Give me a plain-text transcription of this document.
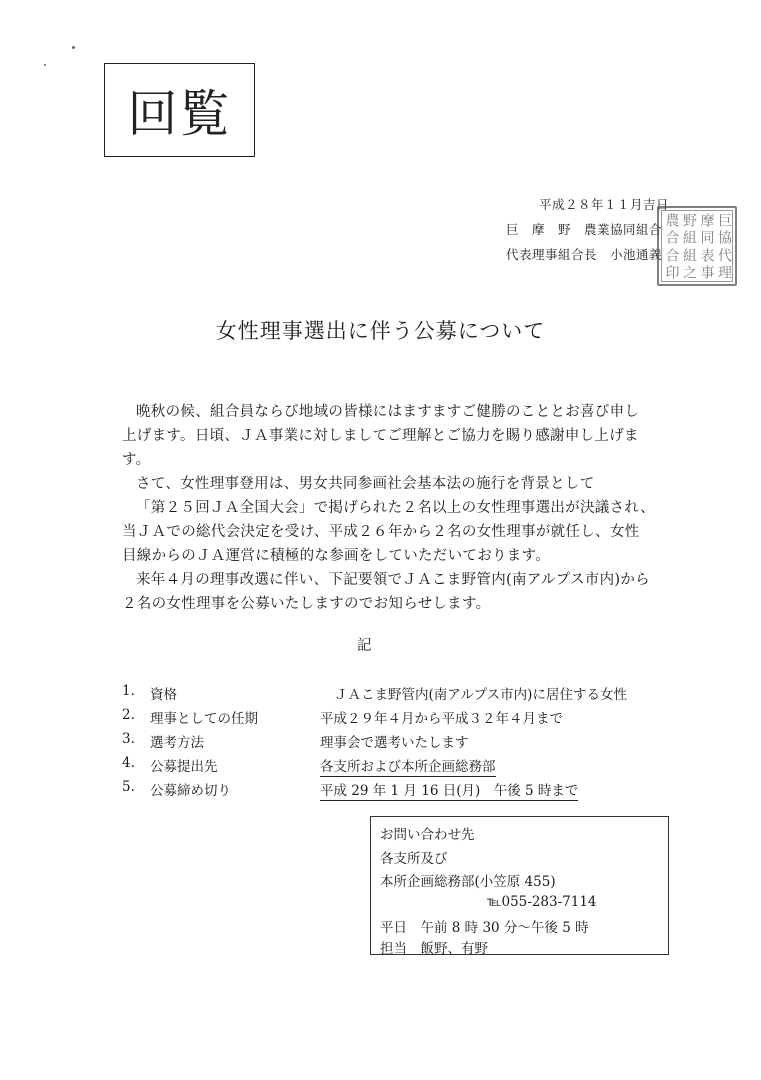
回覧
平成２８年１１月吉日
巨　摩　野　農業協同組合
代表理事組合長　小池通義
巨
協
代
理
摩
同
表
事
野
組
組
之
農
合
合
印
女性理事選出に伴う公募について
晩秋の候、組合員ならび地域の皆様にはますますご健勝のこととお喜び申し
上げます。日頃、ＪＡ事業に対しましてご理解とご協力を賜り感謝申し上げま
す。
さて、女性理事登用は、男女共同参画社会基本法の施行を背景として
「第２５回ＪＡ全国大会」で掲げられた２名以上の女性理事選出が決議され、
当ＪＡでの総代会決定を受け、平成２６年から２名の女性理事が就任し、女性
目線からのＪＡ運営に積極的な参画をしていただいております。
来年４月の理事改選に伴い、下記要領でＪＡこま野管内(南アルプス市内)から
２名の女性理事を公募いたしますのでお知らせします。
記
1. 資格	ＪＡこま野管内(南アルプス市内)に居住する女性
2. 理事としての任期	平成２９年４月から平成３２年４月まで
3. 選考方法	理事会で選考いたします
4. 公募提出先	各支所および本所企画総務部
5. 公募締め切り	平成 29 年 1 月 16 日(月)　午後 5 時まで
お問い合わせ先
各支所及び
本所企画総務部(小笠原 455)
℡055-283-7114
平日　午前 8 時 30 分～午後 5 時
担当　飯野、有野
